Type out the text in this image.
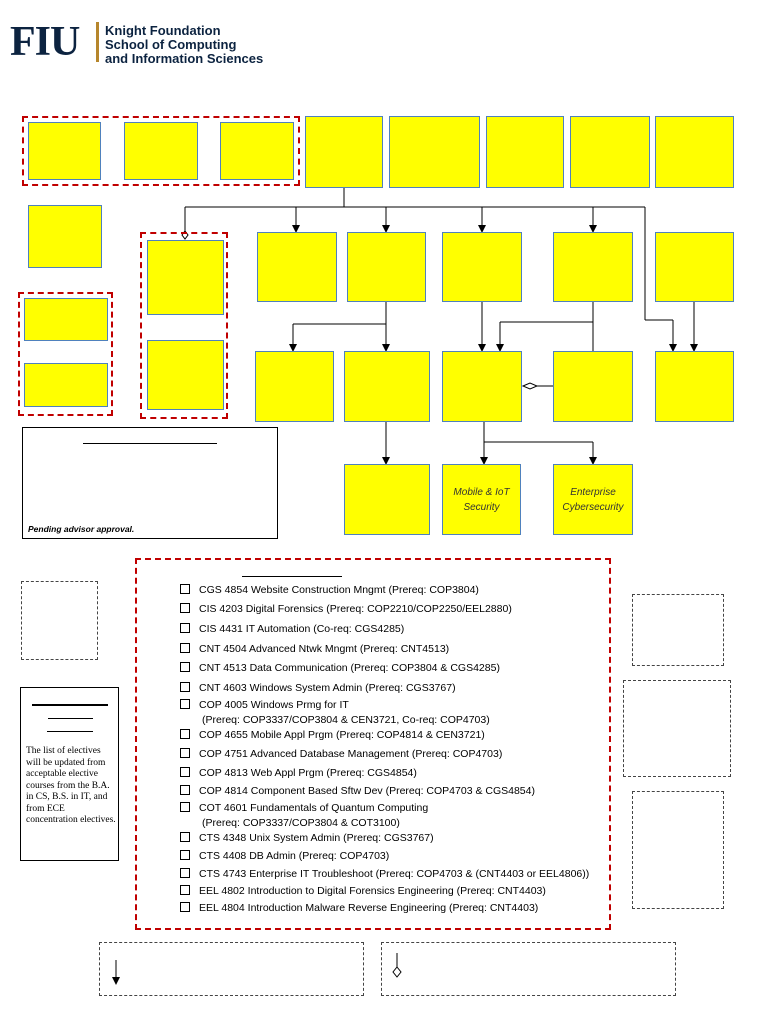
FIU Knight Foundation
School of Computing
and Information Sciences
Mobile & IoT Security
Enterprise Cybersecurity
Pending advisor approval.
CGS 4854 Website Construction Mngmt (Prereq: COP3804)
CIS 4203 Digital Forensics (Prereq: COP2210/COP2250/EEL2880)
CIS 4431 IT Automation (Co-req: CGS4285)
CNT 4504 Advanced Ntwk Mngmt (Prereq: CNT4513)
CNT 4513 Data Communication (Prereq: COP3804 & CGS4285)
CNT 4603 Windows System Admin (Prereq: CGS3767)
COP 4005 Windows Prmg for IT
(Prereq: COP3337/COP3804 & CEN3721, Co-req: COP4703)
COP 4655 Mobile Appl Prgm (Prereq: COP4814 & CEN3721)
COP 4751 Advanced Database Management (Prereq: COP4703)
COP 4813 Web Appl Prgm (Prereq: CGS4854)
COP 4814 Component Based Sftw Dev (Prereq: COP4703 & CGS4854)
COT 4601 Fundamentals of Quantum Computing
(Prereq: COP3337/COP3804 & COT3100)
CTS 4348 Unix System Admin (Prereq: CGS3767)
CTS 4408 DB Admin (Prereq: COP4703)
CTS 4743 Enterprise IT Troubleshoot (Prereq: COP4703 & (CNT4403 or EEL4806))
EEL 4802 Introduction to Digital Forensics Engineering (Prereq: CNT4403)
EEL 4804 Introduction Malware Reverse Engineering (Prereq: CNT4403)
The list of electives will be updated from acceptable elective courses from the B.A. in CS, B.S. in IT, and from ECE concentration electives.
